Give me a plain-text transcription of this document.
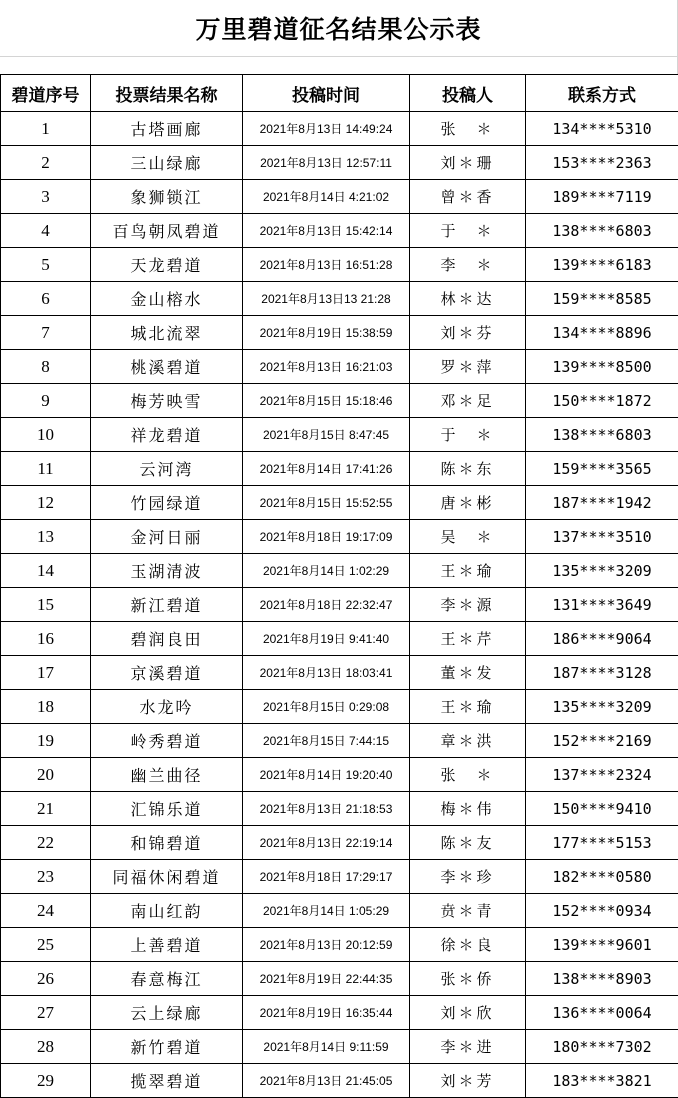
万里碧道征名结果公示表
碧道序号	投票结果名称	投稿时间	投稿人	联系方式
1	古塔画廊	2021年8月13日 14:49:24	张　＊	134****5310
2	三山绿廊	2021年8月13日 12:57:11	刘＊珊	153****2363
3	象狮锁江	2021年8月14日 4:21:02	曾＊香	189****7119
4	百鸟朝凤碧道	2021年8月13日 15:42:14	于　＊	138****6803
5	天龙碧道	2021年8月13日 16:51:28	李　＊	139****6183
6	金山榕水	2021年8月13日13 21:28	林＊达	159****8585
7	城北流翠	2021年8月19日 15:38:59	刘＊芬	134****8896
8	桃溪碧道	2021年8月13日 16:21:03	罗＊萍	139****8500
9	梅芳映雪	2021年8月15日 15:18:46	邓＊足	150****1872
10	祥龙碧道	2021年8月15日 8:47:45	于　＊	138****6803
11	云河湾	2021年8月14日 17:41:26	陈＊东	159****3565
12	竹园绿道	2021年8月15日 15:52:55	唐＊彬	187****1942
13	金河日丽	2021年8月18日 19:17:09	吴　＊	137****3510
14	玉湖清波	2021年8月14日 1:02:29	王＊瑜	135****3209
15	新江碧道	2021年8月18日 22:32:47	李＊源	131****3649
16	碧润良田	2021年8月19日 9:41:40	王＊芹	186****9064
17	京溪碧道	2021年8月13日 18:03:41	董＊发	187****3128
18	水龙吟	2021年8月15日 0:29:08	王＊瑜	135****3209
19	岭秀碧道	2021年8月15日 7:44:15	章＊洪	152****2169
20	幽兰曲径	2021年8月14日 19:20:40	张　＊	137****2324
21	汇锦乐道	2021年8月13日 21:18:53	梅＊伟	150****9410
22	和锦碧道	2021年8月13日 22:19:14	陈＊友	177****5153
23	同福休闲碧道	2021年8月18日 17:29:17	李＊珍	182****0580
24	南山红韵	2021年8月14日 1:05:29	贲＊青	152****0934
25	上善碧道	2021年8月13日 20:12:59	徐＊良	139****9601
26	春意梅江	2021年8月19日 22:44:35	张＊侨	138****8903
27	云上绿廊	2021年8月19日 16:35:44	刘＊欣	136****0064
28	新竹碧道	2021年8月14日 9:11:59	李＊进	180****7302
29	揽翠碧道	2021年8月13日 21:45:05	刘＊芳	183****3821
